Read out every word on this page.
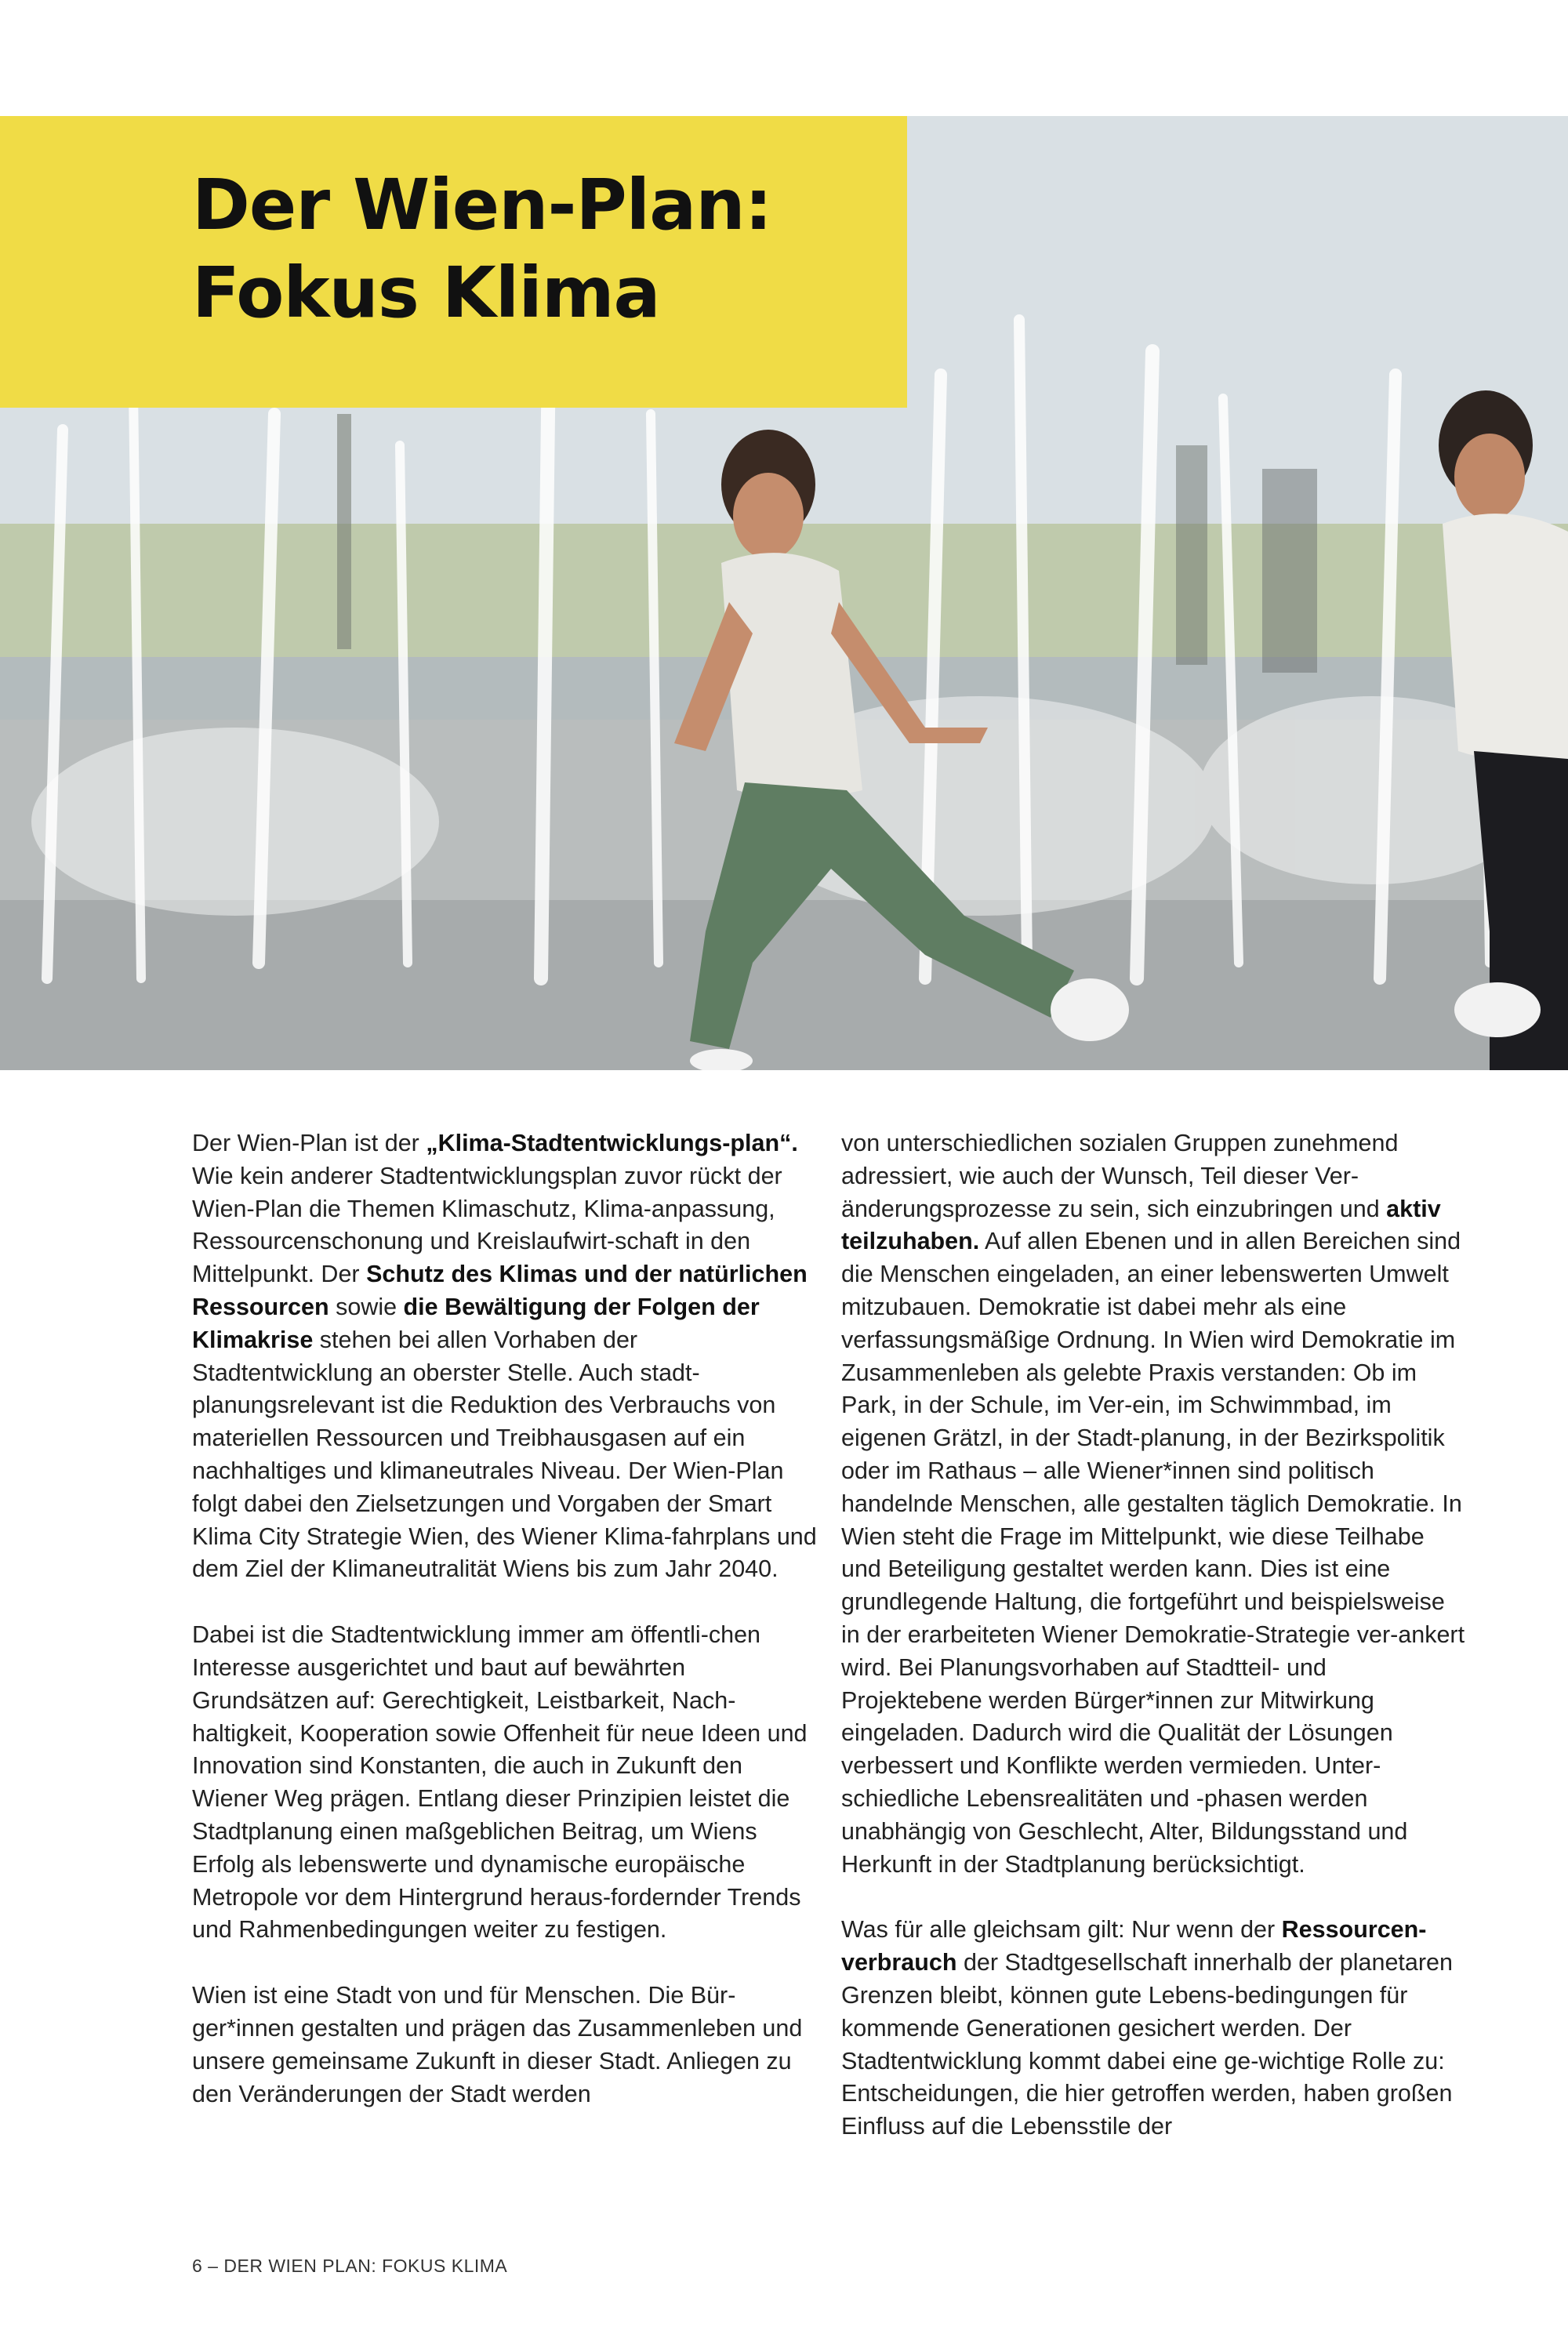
Der Wien-Plan:
Fokus Klima

Der Wien-Plan ist der „Klima-Stadtentwicklungs-plan“. Wie kein anderer Stadtentwicklungsplan zuvor rückt der Wien-Plan die Themen Klimaschutz, Klima-anpassung, Ressourcenschonung und Kreislaufwirt-schaft in den Mittelpunkt. Der Schutz des Klimas und der natürlichen Ressourcen sowie die Bewältigung der Folgen der Klimakrise stehen bei allen Vorhaben der Stadtentwicklung an oberster Stelle. Auch stadt-planungsrelevant ist die Reduktion des Verbrauchs von materiellen Ressourcen und Treibhausgasen auf ein nachhaltiges und klimaneutrales Niveau. Der Wien-Plan folgt dabei den Zielsetzungen und Vorgaben der Smart Klima City Strategie Wien, des Wiener Klima-fahrplans und dem Ziel der Klimaneutralität Wiens bis zum Jahr 2040.

Dabei ist die Stadtentwicklung immer am öffentli-chen Interesse ausgerichtet und baut auf bewährten Grundsätzen auf: Gerechtigkeit, Leistbarkeit, Nach-haltigkeit, Kooperation sowie Offenheit für neue Ideen und Innovation sind Konstanten, die auch in Zukunft den Wiener Weg prägen. Entlang dieser Prinzipien leistet die Stadtplanung einen maßgeblichen Beitrag, um Wiens Erfolg als lebenswerte und dynamische europäische Metropole vor dem Hintergrund heraus-fordernder Trends und Rahmenbedingungen weiter zu festigen.

Wien ist eine Stadt von und für Menschen. Die Bür-ger*innen gestalten und prägen das Zusammenleben und unsere gemeinsame Zukunft in dieser Stadt. Anliegen zu den Veränderungen der Stadt werden

von unterschiedlichen sozialen Gruppen zunehmend adressiert, wie auch der Wunsch, Teil dieser Ver-änderungsprozesse zu sein, sich einzubringen und aktiv teilzuhaben. Auf allen Ebenen und in allen Bereichen sind die Menschen eingeladen, an einer lebenswerten Umwelt mitzubauen. Demokratie ist dabei mehr als eine verfassungsmäßige Ordnung. In Wien wird Demokratie im Zusammenleben als gelebte Praxis verstanden: Ob im Park, in der Schule, im Ver-ein, im Schwimmbad, im eigenen Grätzl, in der Stadt-planung, in der Bezirkspolitik oder im Rathaus – alle Wiener*innen sind politisch handelnde Menschen, alle gestalten täglich Demokratie. In Wien steht die Frage im Mittelpunkt, wie diese Teilhabe und Beteiligung gestaltet werden kann. Dies ist eine grundlegende Haltung, die fortgeführt und beispielsweise in der erarbeiteten Wiener Demokratie-Strategie ver-ankert wird. Bei Planungsvorhaben auf Stadtteil- und Projektebene werden Bürger*innen zur Mitwirkung eingeladen. Dadurch wird die Qualität der Lösungen verbessert und Konflikte werden vermieden. Unter-schiedliche Lebensrealitäten und -phasen werden unabhängig von Geschlecht, Alter, Bildungsstand und Herkunft in der Stadtplanung berücksichtigt.

Was für alle gleichsam gilt: Nur wenn der Ressourcen-verbrauch der Stadtgesellschaft innerhalb der planetaren Grenzen bleibt, können gute Lebens-bedingungen für kommende Generationen gesichert werden. Der Stadtentwicklung kommt dabei eine ge-wichtige Rolle zu: Entscheidungen, die hier getroffen werden, haben großen Einfluss auf die Lebensstile der

6 – DER WIEN PLAN: FOKUS KLIMA
